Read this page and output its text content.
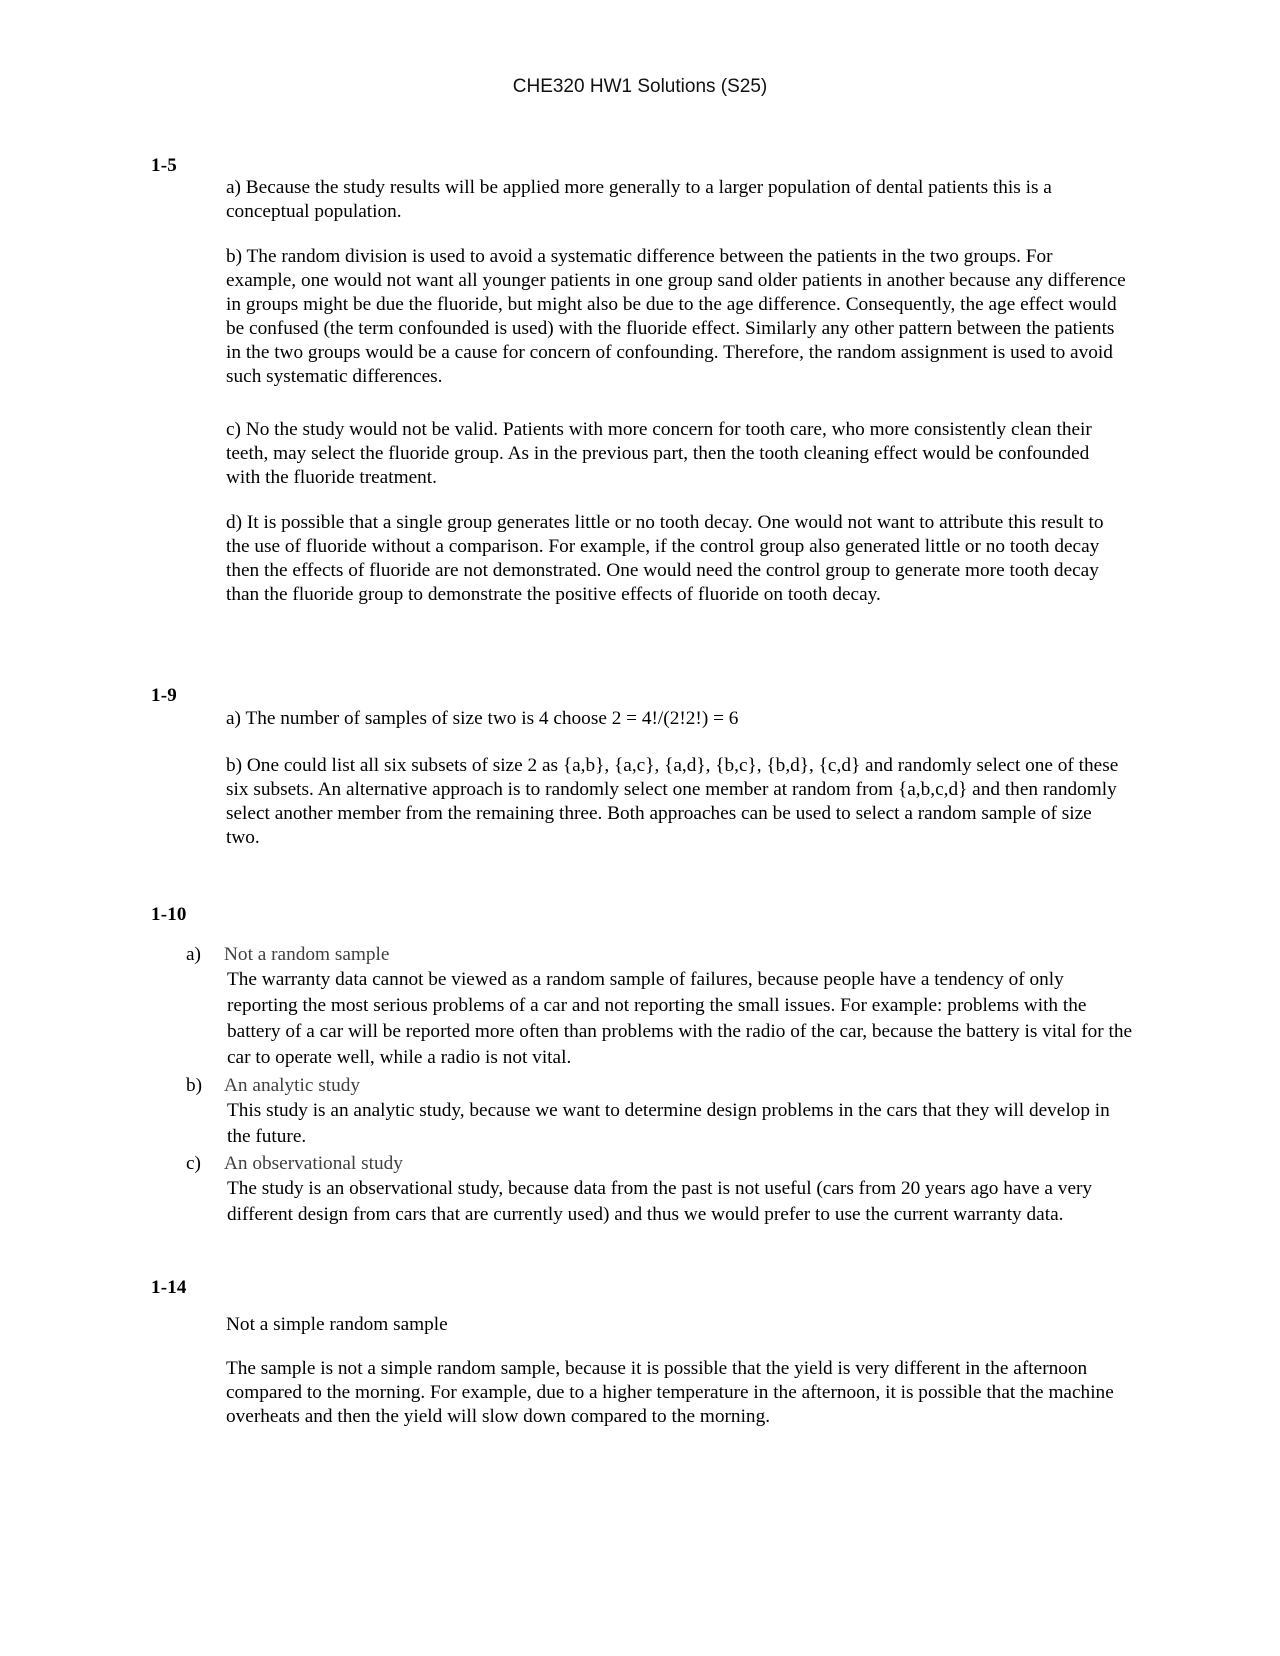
CHE320 HW1 Solutions (S25)
1-5

a) Because the study results will be applied more generally to a larger population of dental patients this is a conceptual population.

b) The random division is used to avoid a systematic difference between the patients in the two groups. For example, one would not want all younger patients in one group sand older patients in another because any difference in groups might be due the fluoride, but might also be due to the age difference. Consequently, the age effect would be confused (the term confounded is used) with the fluoride effect. Similarly any other pattern between the patients in the two groups would be a cause for concern of confounding. Therefore, the random assignment is used to avoid such systematic differences.

c) No the study would not be valid. Patients with more concern for tooth care, who more consistently clean their teeth, may select the fluoride group. As in the previous part, then the tooth cleaning effect would be confounded with the fluoride treatment.

d) It is possible that a single group generates little or no tooth decay. One would not want to attribute this result to the use of fluoride without a comparison. For example, if the control group also generated little or no tooth decay then the effects of fluoride are not demonstrated. One would need the control group to generate more tooth decay than the fluoride group to demonstrate the positive effects of fluoride on tooth decay.

1-9

a) The number of samples of size two is 4 choose 2 = 4!/(2!2!) = 6

b) One could list all six subsets of size 2 as {a,b}, {a,c}, {a,d}, {b,c}, {b,d}, {c,d} and randomly select one of these six subsets. An alternative approach is to randomly select one member at random from {a,b,c,d} and then randomly select another member from the remaining three. Both approaches can be used to select a random sample of size two.

1-10
a) Not a random sample

The warranty data cannot be viewed as a random sample of failures, because people have a tendency of only reporting the most serious problems of a car and not reporting the small issues. For example: problems with the battery of a car will be reported more often than problems with the radio of the car, because the battery is vital for the car to operate well, while a radio is not vital.

b) An analytic study

This study is an analytic study, because we want to determine design problems in the cars that they will develop in the future.

c) An observational study

The study is an observational study, because data from the past is not useful (cars from 20 years ago have a very different design from cars that are currently used) and thus we would prefer to use the current warranty data.

1-14

Not a simple random sample

The sample is not a simple random sample, because it is possible that the yield is very different in the afternoon compared to the morning. For example, due to a higher temperature in the afternoon, it is possible that the machine overheats and then the yield will slow down compared to the morning.
